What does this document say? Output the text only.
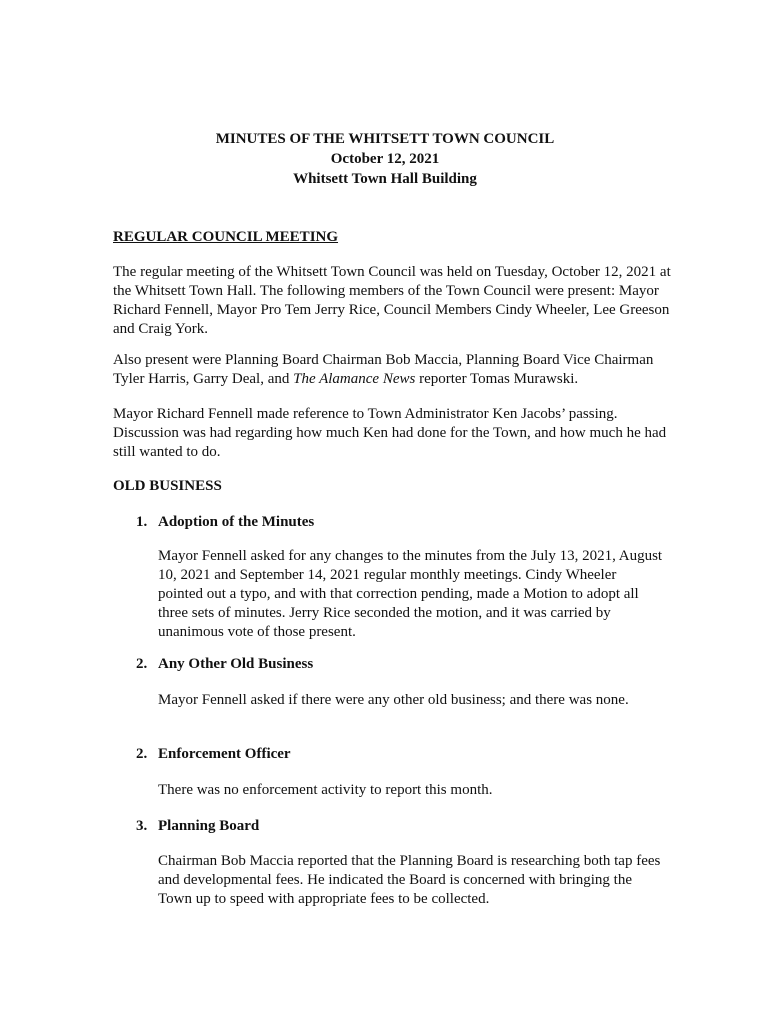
MINUTES OF THE WHITSETT TOWN COUNCIL
October 12, 2021
Whitsett Town Hall Building
REGULAR COUNCIL MEETING

The regular meeting of the Whitsett Town Council was held on Tuesday, October 12, 2021 at the Whitsett Town Hall. The following members of the Town Council were present: Mayor Richard Fennell, Mayor Pro Tem Jerry Rice, Council Members Cindy Wheeler, Lee Greeson and Craig York.

Also present were Planning Board Chairman Bob Maccia, Planning Board Vice Chairman Tyler Harris, Garry Deal, and The Alamance News reporter Tomas Murawski.

Mayor Richard Fennell made reference to Town Administrator Ken Jacobs’ passing. Discussion was had regarding how much Ken had done for the Town, and how much he had still wanted to do.

OLD BUSINESS
1. Adoption of the Minutes

Mayor Fennell asked for any changes to the minutes from the July 13, 2021, August 10, 2021 and September 14, 2021 regular monthly meetings. Cindy Wheeler pointed out a typo, and with that correction pending, made a Motion to adopt all three sets of minutes. Jerry Rice seconded the motion, and it was carried by unanimous vote of those present.

2. Any Other Old Business

Mayor Fennell asked if there were any other old business; and there was none.

2. Enforcement Officer

There was no enforcement activity to report this month.

3. Planning Board

Chairman Bob Maccia reported that the Planning Board is researching both tap fees and developmental fees. He indicated the Board is concerned with bringing the Town up to speed with appropriate fees to be collected.
